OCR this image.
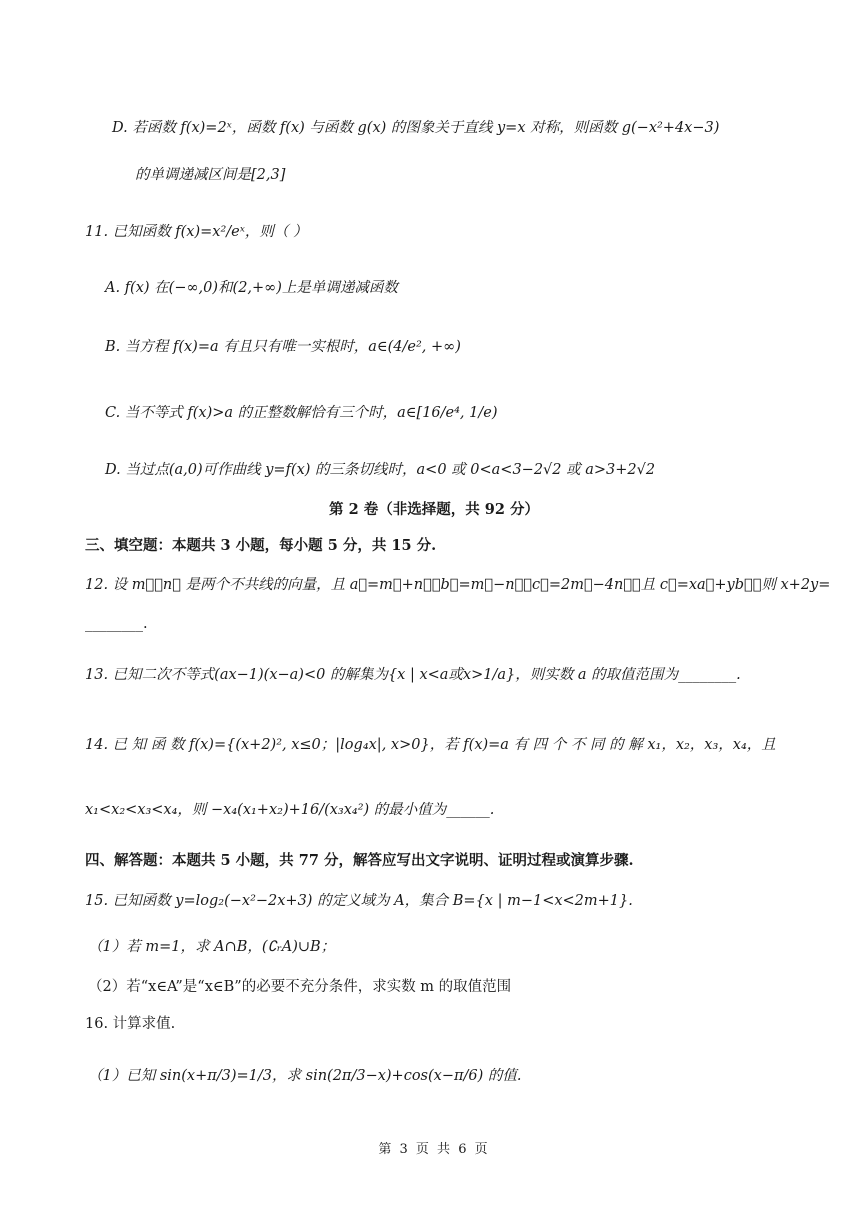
D. 若函数 f(x)=2ˣ，函数 f(x) 与函数 g(x) 的图象关于直线 y=x 对称，则函数 g(−x²+4x−3)
的单调递减区间是[2,3]
11. 已知函数 f(x)=x²/eˣ，则（ ）
A. f(x) 在(−∞,0)和(2,+∞)上是单调递减函数
B. 当方程 f(x)=a 有且只有唯一实根时，a∈(4/e², +∞)
C. 当不等式 f(x)>a 的正整数解恰有三个时，a∈[16/e⁴, 1/e)
D. 当过点(a,0)可作曲线 y=f(x) 的三条切线时，a<0 或 0<a<3−2√2 或 a>3+2√2
第 2 卷（非选择题，共 92 分）
三、填空题：本题共 3 小题，每小题 5 分，共 15 分.
12. 设 m⃗，n⃗ 是两个不共线的向量，且 a⃗=m⃗+n⃗，b⃗=m⃗−n⃗，c⃗=2m⃗−4n⃗，且 c⃗=xa⃗+yb⃗，则 x+2y=
________.
13. 已知二次不等式(ax−1)(x−a)<0 的解集为{x | x<a或x>1/a}，则实数 a 的取值范围为________.
14. 已 知 函 数 f(x)={(x+2)², x≤0；|log₄x|, x>0}，若 f(x)=a 有 四 个 不 同 的 解 x₁，x₂，x₃，x₄，且
x₁<x₂<x₃<x₄，则 −x₄(x₁+x₂)+16/(x₃x₄²) 的最小值为______.
四、解答题：本题共 5 小题，共 77 分，解答应写出文字说明、证明过程或演算步骤.
15. 已知函数 y=log₂(−x²−2x+3) 的定义域为 A，集合 B={x | m−1<x<2m+1}.
（1）若 m=1，求 A∩B，(∁ᵣA)∪B；
（2）若“x∈A”是“x∈B”的必要不充分条件，求实数 m 的取值范围
16. 计算求值.
（1）已知 sin(x+π/3)=1/3，求 sin(2π/3−x)+cos(x−π/6) 的值.
第 3 页 共 6 页
